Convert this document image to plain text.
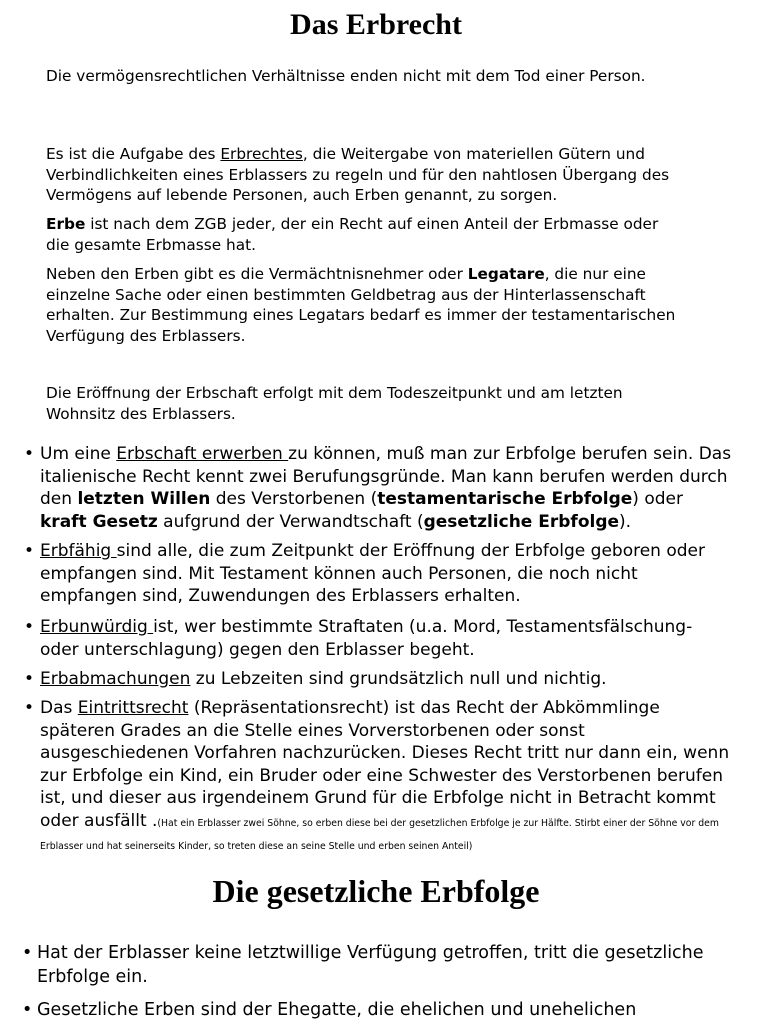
Das Erbrecht
Die vermögensrechtlichen Verhältnisse enden nicht mit dem Tod einer Person.
Es ist die Aufgabe des Erbrechtes, die Weitergabe von materiellen Gütern und Verbindlichkeiten eines Erblassers zu regeln und für den nahtlosen Übergang des Vermögens auf lebende Personen, auch Erben genannt, zu sorgen.
Erbe ist nach dem ZGB jeder, der ein Recht auf einen Anteil der Erbmasse oder die gesamte Erbmasse hat.
Neben den Erben gibt es die Vermächtnisnehmer oder Legatare, die nur eine einzelne Sache oder einen bestimmten Geldbetrag aus der Hinterlassenschaft erhalten. Zur Bestimmung eines Legatars bedarf es immer der testamentarischen Verfügung des Erblassers.
Die Eröffnung der Erbschaft erfolgt mit dem Todeszeitpunkt und am letzten Wohnsitz des Erblassers.
• Um eine Erbschaft erwerben zu können, muß man zur Erbfolge berufen sein. Das italienische Recht kennt zwei Berufungsgründe. Man kann berufen werden durch den letzten Willen des Verstorbenen (testamentarische Erbfolge) oder kraft Gesetz aufgrund der Verwandtschaft (gesetzliche Erbfolge).
• Erbfähig sind alle, die zum Zeitpunkt der Eröffnung der Erbfolge geboren oder empfangen sind. Mit Testament können auch Personen, die noch nicht empfangen sind, Zuwendungen des Erblassers erhalten.
• Erbunwürdig ist, wer bestimmte Straftaten (u.a. Mord, Testamentsfälschung- oder unterschlagung) gegen den Erblasser begeht.
• Erbabmachungen zu Lebzeiten sind grundsätzlich null und nichtig.
• Das Eintrittsrecht (Repräsentationsrecht) ist das Recht der Abkömmlinge späteren Grades an die Stelle eines Vorverstorbenen oder sonst ausgeschiedenen Vorfahren nachzurücken. Dieses Recht tritt nur dann ein, wenn zur Erbfolge ein Kind, ein Bruder oder eine Schwester des Verstorbenen berufen ist, und dieser aus irgendeinem Grund für die Erbfolge nicht in Betracht kommt oder ausfällt .(Hat ein Erblasser zwei Söhne, so erben diese bei der gesetzlichen Erbfolge je zur Hälfte. Stirbt einer der Söhne vor dem Erblasser und hat seinerseits Kinder, so treten diese an seine Stelle und erben seinen Anteil)
Die gesetzliche Erbfolge
• Hat der Erblasser keine letztwillige Verfügung getroffen, tritt die gesetzliche Erbfolge ein.
• Gesetzliche Erben sind der Ehegatte, die ehelichen und unehelichen
